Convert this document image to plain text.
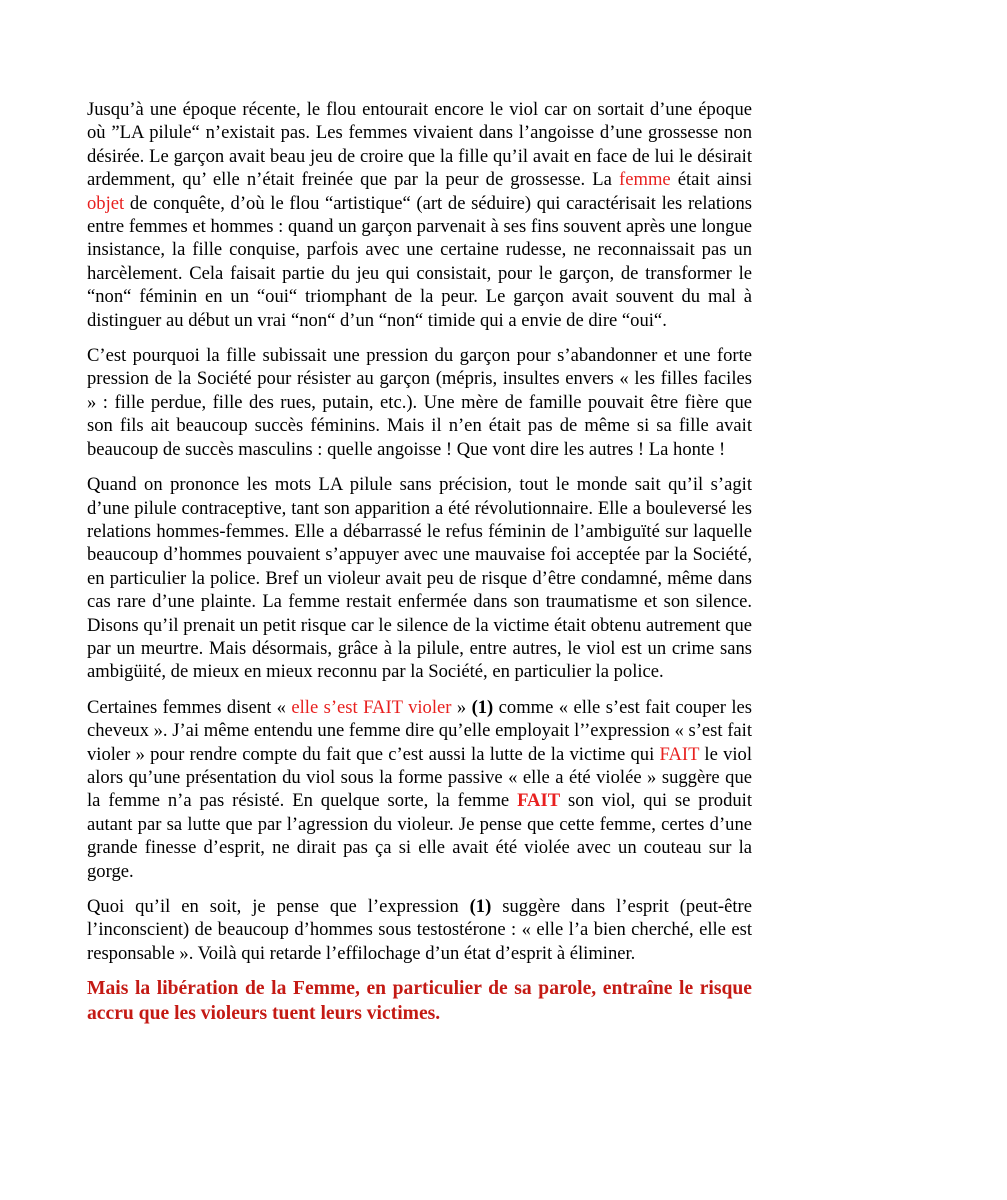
Jusqu’à une époque récente, le flou entourait encore le viol car on sortait d’une époque où ”LA pilule“ n’existait pas. Les femmes vivaient dans l’angoisse d’une grossesse non désirée. Le garçon avait beau jeu de croire que la fille qu’il avait en face de lui le désirait ardemment, qu’ elle n’était freinée que par la peur de grossesse. La femme était ainsi objet de conquête, d’où le flou “artistique“ (art de séduire) qui caractérisait les relations entre femmes et hommes : quand un garçon parvenait à ses fins souvent après une longue insistance, la fille conquise, parfois avec une certaine rudesse, ne reconnaissait pas un harcèlement. Cela faisait partie du jeu qui consistait, pour le garçon, de transformer le “non“ féminin en un “oui“ triomphant de la peur. Le garçon avait souvent du mal à distinguer au début un vrai “non“ d’un “non“ timide qui a envie de dire “oui“.

C’est pourquoi la fille subissait une pression du garçon pour s’abandonner et une forte pression de la Société pour résister au garçon (mépris, insultes envers « les filles faciles » : fille perdue, fille des rues, putain, etc.). Une mère de famille pouvait être fière que son fils ait beaucoup succès féminins. Mais il n’en était pas de même si sa fille avait beaucoup de succès masculins : quelle angoisse ! Que vont dire les autres ! La honte !

Quand on prononce les mots LA pilule sans précision, tout le monde sait qu’il s’agit d’une pilule contraceptive, tant son apparition a été révolutionnaire. Elle a bouleversé les relations hommes-femmes. Elle a débarrassé le refus féminin de l’ambiguïté sur laquelle beaucoup d’hommes pouvaient s’appuyer avec une mauvaise foi acceptée par la Société, en particulier la police. Bref un violeur avait peu de risque d’être condamné, même dans cas rare d’une plainte. La femme restait enfermée dans son traumatisme et son silence. Disons qu’il prenait un petit risque car le silence de la victime était obtenu autrement que par un meurtre. Mais désormais, grâce à la pilule, entre autres, le viol est un crime sans ambigüité, de mieux en mieux reconnu par la Société, en particulier la police.

Certaines femmes disent « elle s’est FAIT violer » (1) comme « elle s’est fait couper les cheveux ». J’ai même entendu une femme dire qu’elle employait l’’expression « s’est fait violer » pour rendre compte du fait que c’est aussi la lutte de la victime qui FAIT le viol alors qu’une présentation du viol sous la forme passive « elle a été violée » suggère que la femme n’a pas résisté. En quelque sorte, la femme FAIT son viol, qui se produit autant par sa lutte que par l’agression du violeur. Je pense que cette femme, certes d’une grande finesse d’esprit, ne dirait pas ça si elle avait été violée avec un couteau sur la gorge.

Quoi qu’il en soit, je pense que l’expression (1) suggère dans l’esprit (peut-être l’inconscient) de beaucoup d’hommes sous testostérone : « elle l’a bien cherché, elle est responsable ». Voilà qui retarde l’effilochage d’un état d’esprit à éliminer.

Mais la libération de la Femme, en particulier de sa parole, entraîne le risque accru que les violeurs tuent leurs victimes.
